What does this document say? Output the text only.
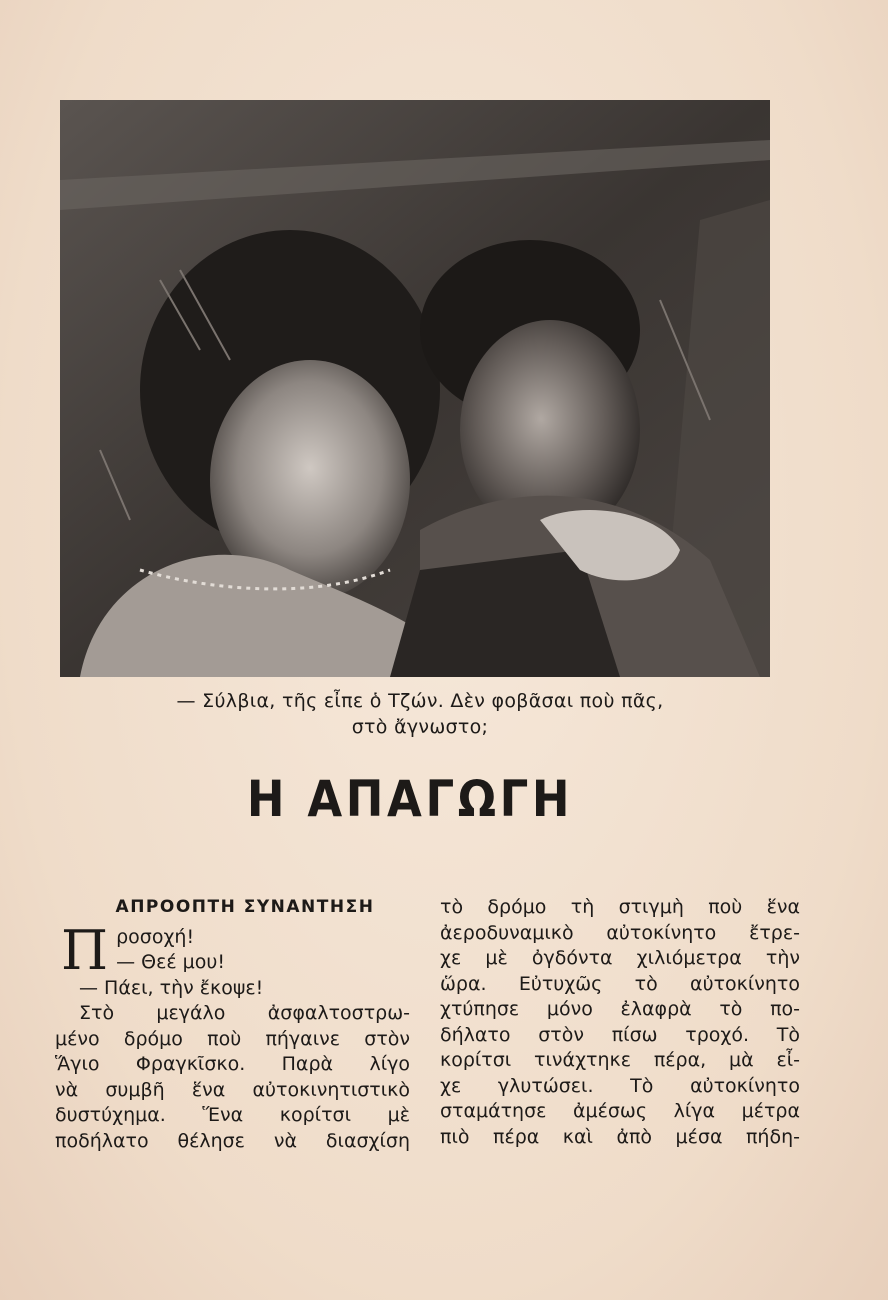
— Σύλβια, τῆς εἶπε ὁ Τζών. Δὲν φοβᾶσαι ποὺ πᾶς,
στὸ ἄγνωστο;
Η ΑΠΑΓΩΓΗ
ΑΠΡΟΟΠΤΗ ΣΥΝΑΝΤΗΣΗ
Π ροσοχή!
— Θεέ μου!
— Πάει, τὴν ἔκοψε!
Στὸ μεγάλο ἀσφαλτοστρω-
μένο δρόμο ποὺ πήγαινε στὸν
Ἅγιο Φραγκῖσκο. Παρὰ λίγο
νὰ συμβῆ ἕνα αὐτοκινητιστικὸ
δυστύχημα. Ἕνα κορίτσι μὲ
ποδήλατο θέλησε νὰ διασχίση
τὸ δρόμο τὴ στιγμὴ ποὺ ἕνα
ἀεροδυναμικὸ αὐτοκίνητο ἔτρε-
χε μὲ ὀγδόντα χιλιόμετρα τὴν
ὥρα. Εὐτυχῶς τὸ αὐτοκίνητο
χτύπησε μόνο ἐλαφρὰ τὸ πο-
δήλατο στὸν πίσω τροχό. Τὸ
κορίτσι τινάχτηκε πέρα, μὰ εἶ-
χε γλυτώσει. Τὸ αὐτοκίνητο
σταμάτησε ἀμέσως λίγα μέτρα
πιὸ πέρα καὶ ἀπὸ μέσα πήδη-
